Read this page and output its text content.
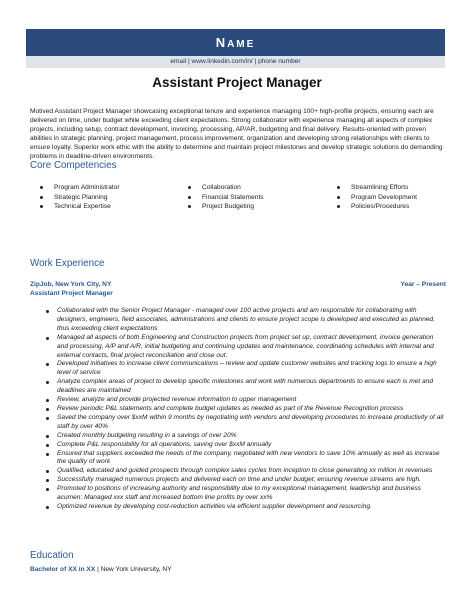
NAME
email | www.linkedin.com/in/ | phone number
Assistant Project Manager
Motived Assistant Project Manager showcasing exceptional tenure and experience managing 100+ high-profile projects, ensuring each are delivered on time, under budget while exceeding client expectations. Strong collaborator with experience managing all aspects of complex projects, including setup, contract development, invoicing, processing, AP/AR, budgeting and final delivery. Results-oriented with proven abilities in strategic planning, project management, process improvement, organization and developing strong relationships with clients to ensure loyalty. Superior work ethic with the ability to determine and maintain project milestones and develop strategic solutions do demanding problems in deadline-driven environments.
Core Competencies
Program Administrator
Strategic Planning
Technical Expertise
Collaboration
Financial Statements
Project Budgeting
Streamlining Efforts
Program Development
Policies/Procedures
Work Experience
ZipJob, New York City, NY	Year – Present
Assistant Project Manager
Collaborated with the Senior Project Manager - managed over 100 active projects and am responsible for collaborating with designers, engineers, field associates, administrations and clients to ensure project scope is developed and executed as planned, thus exceeding client expectations
Managed all aspects of both Engineering and Construction projects from project set up, contract development, invoice generation and processing, A/P and A/R, initial budgeting and continuing updates and maintenance, coordinating schedules with internal and external contacts, final project reconciliation and close out.
Developed initiatives to increase client communications – review and update customer websites and tracking logs to ensure a high level of service
Analyze complex areas of project to develop specific milestones and work with numerous departments to ensure each is met and deadlines are maintained
Review, analyze and provide projected revenue information to upper management
Review periodic P&L statements and complete budget updates as needed as part of the Revenue Recognition process
Saved the company over $xxM within 9 months by negotiating with vendors and developing procedures to increase productivity of all staff by over 40%
Created monthly budgeting resulting in a savings of over 20%
Complete P&L responsibility for all operations, saving over $xxM annually
Ensured that suppliers exceeded the needs of the company, negotiated with new vendors to save 10% annually as well as increase the quality of work
Qualified, educated and guided prospects through complex sales cycles from inception to close generating xx million in revenues
Successfully managed numerous projects and delivered each on time and under budget; ensuring revenue streams are high.
Promoted to positions of increasing authority and responsibility due to my exceptional management, leadership and business acumen: Managed xxx staff and increased bottom line profits by over xx%
Optimized revenue by developing cost-reduction activities via efficient supplier development and resourcing.
Education
Bachelor of XX in XX | New York University, NY
